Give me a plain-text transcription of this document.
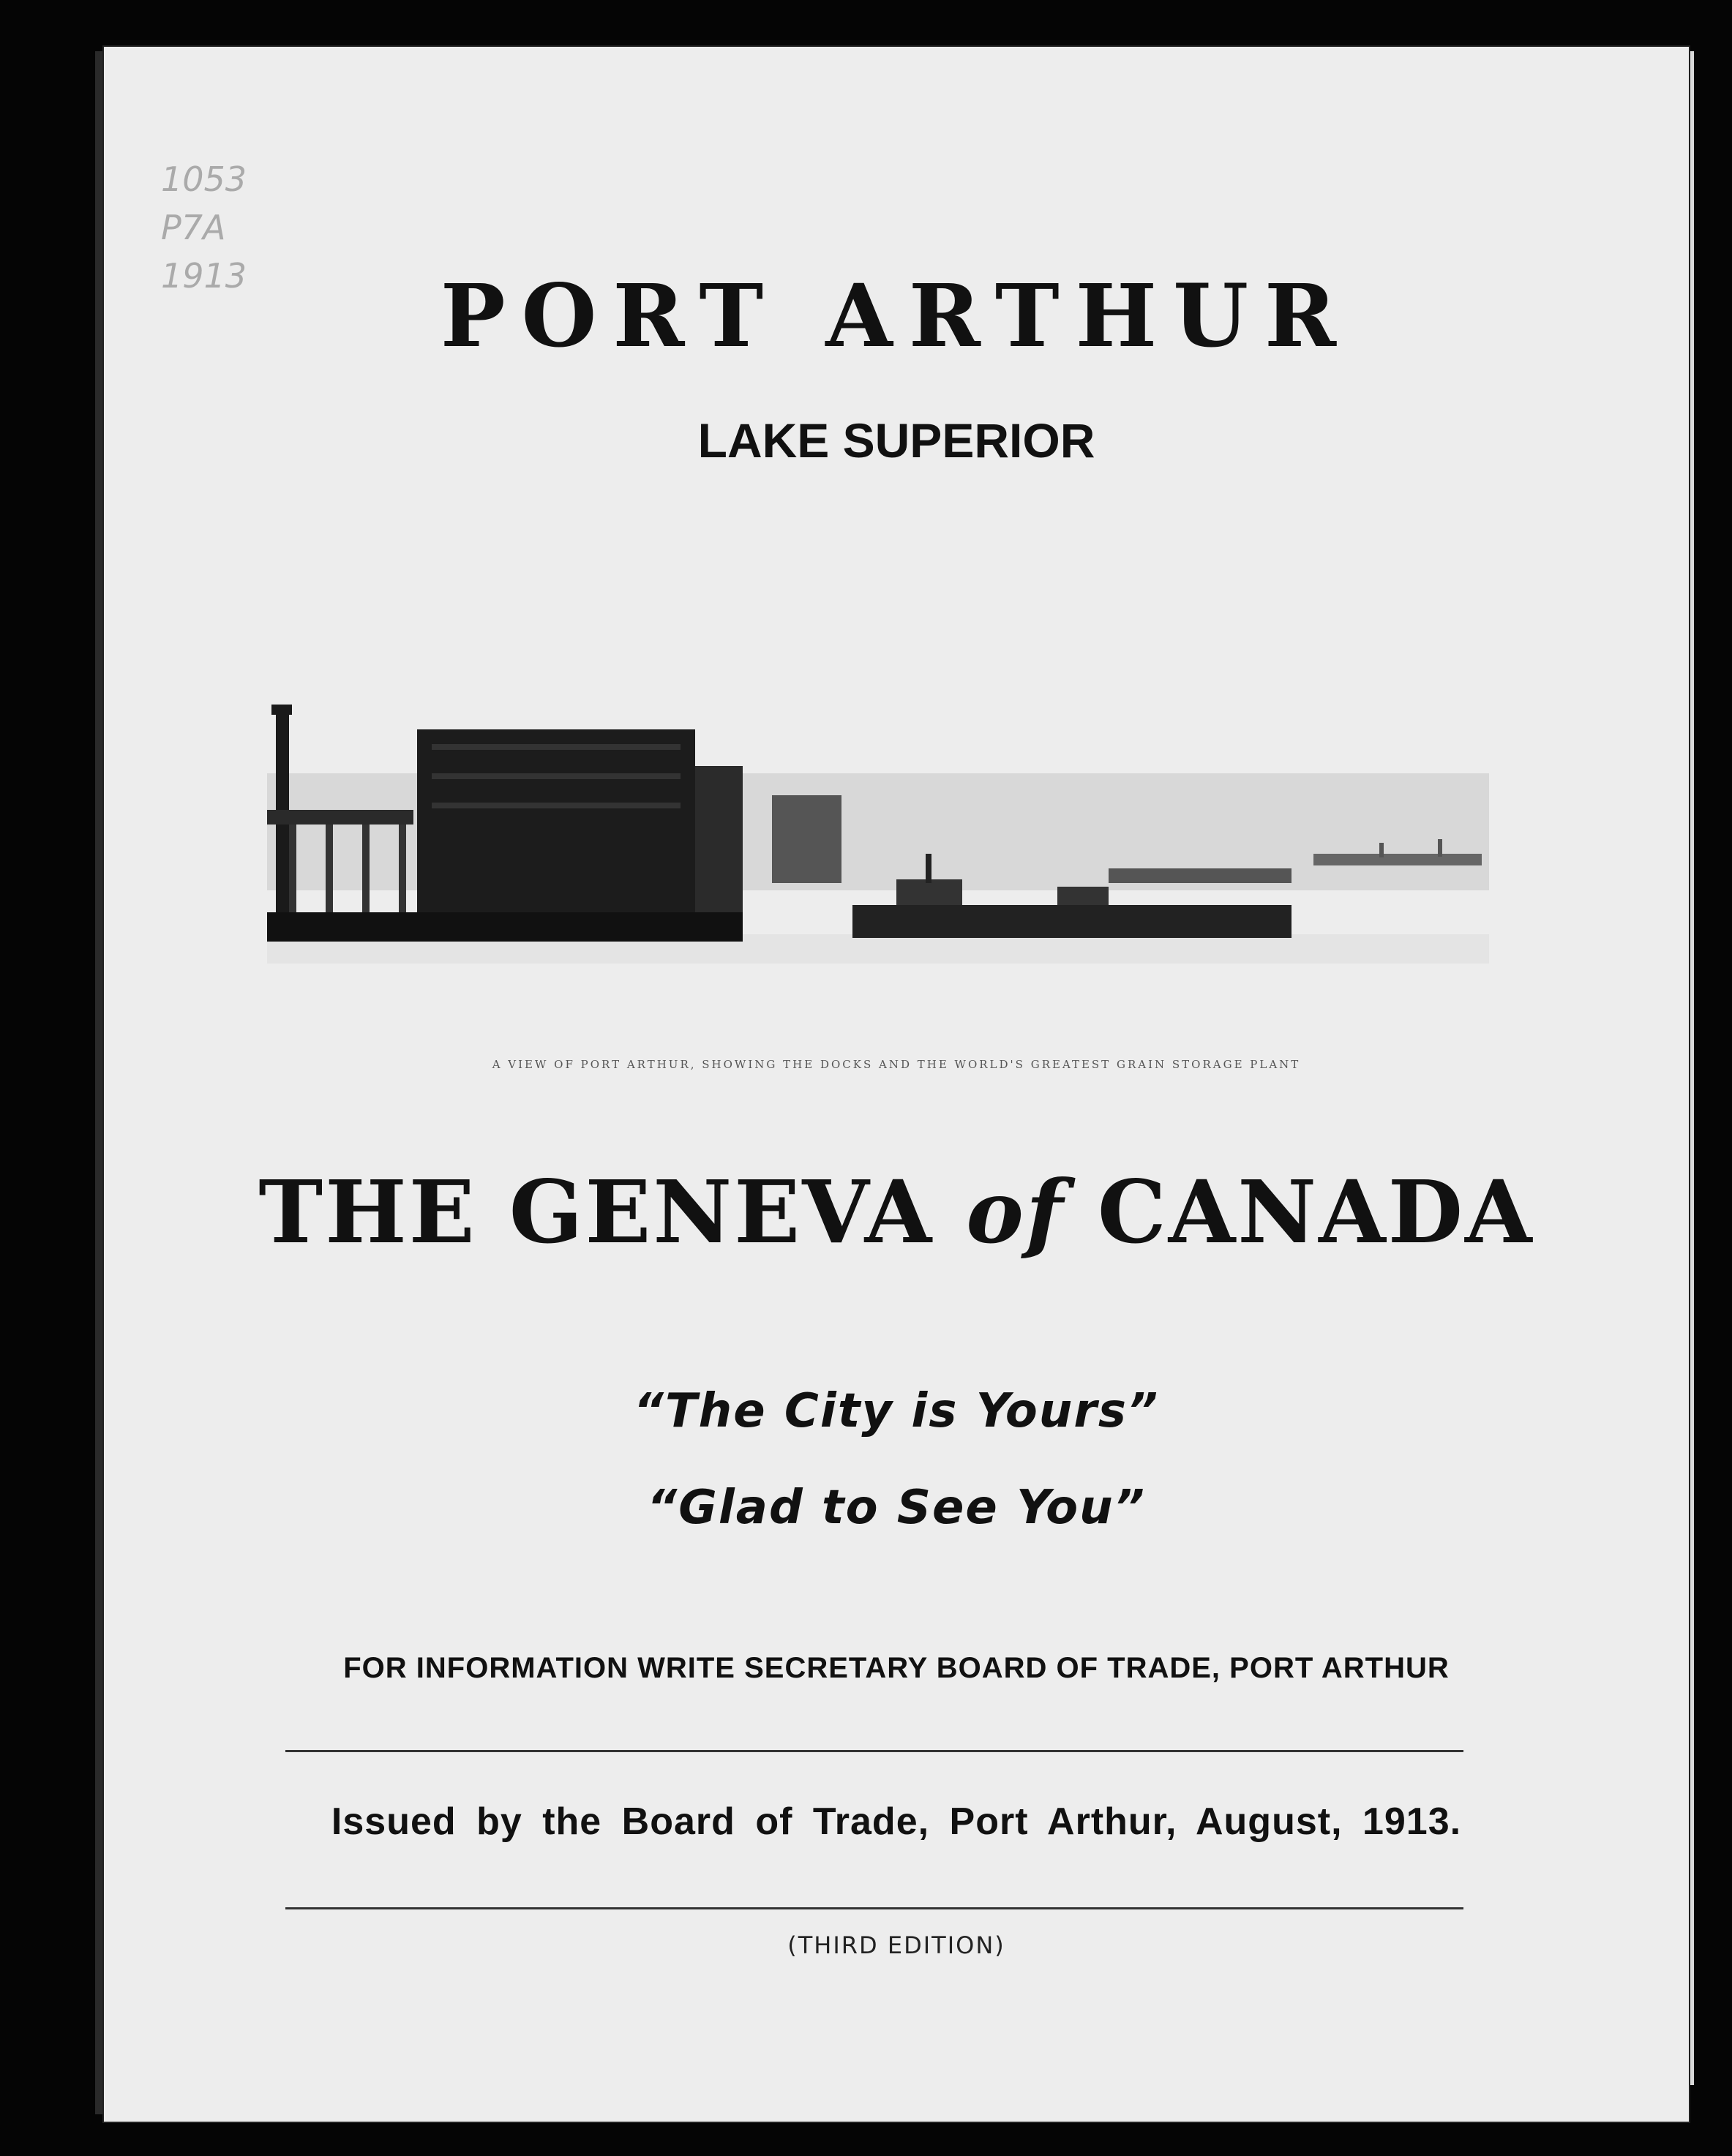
1053
P7A
1913	PORT ARTHUR
LAKE SUPERIOR
A VIEW OF PORT ARTHUR, SHOWING THE DOCKS AND THE WORLD'S GREATEST GRAIN STORAGE PLANT
THE GENEVA of CANADA
“The City is Yours”
“Glad to See You”
FOR INFORMATION WRITE SECRETARY BOARD OF TRADE, PORT ARTHUR
Issued by the Board of Trade, Port Arthur, August, 1913.
(THIRD EDITION)
